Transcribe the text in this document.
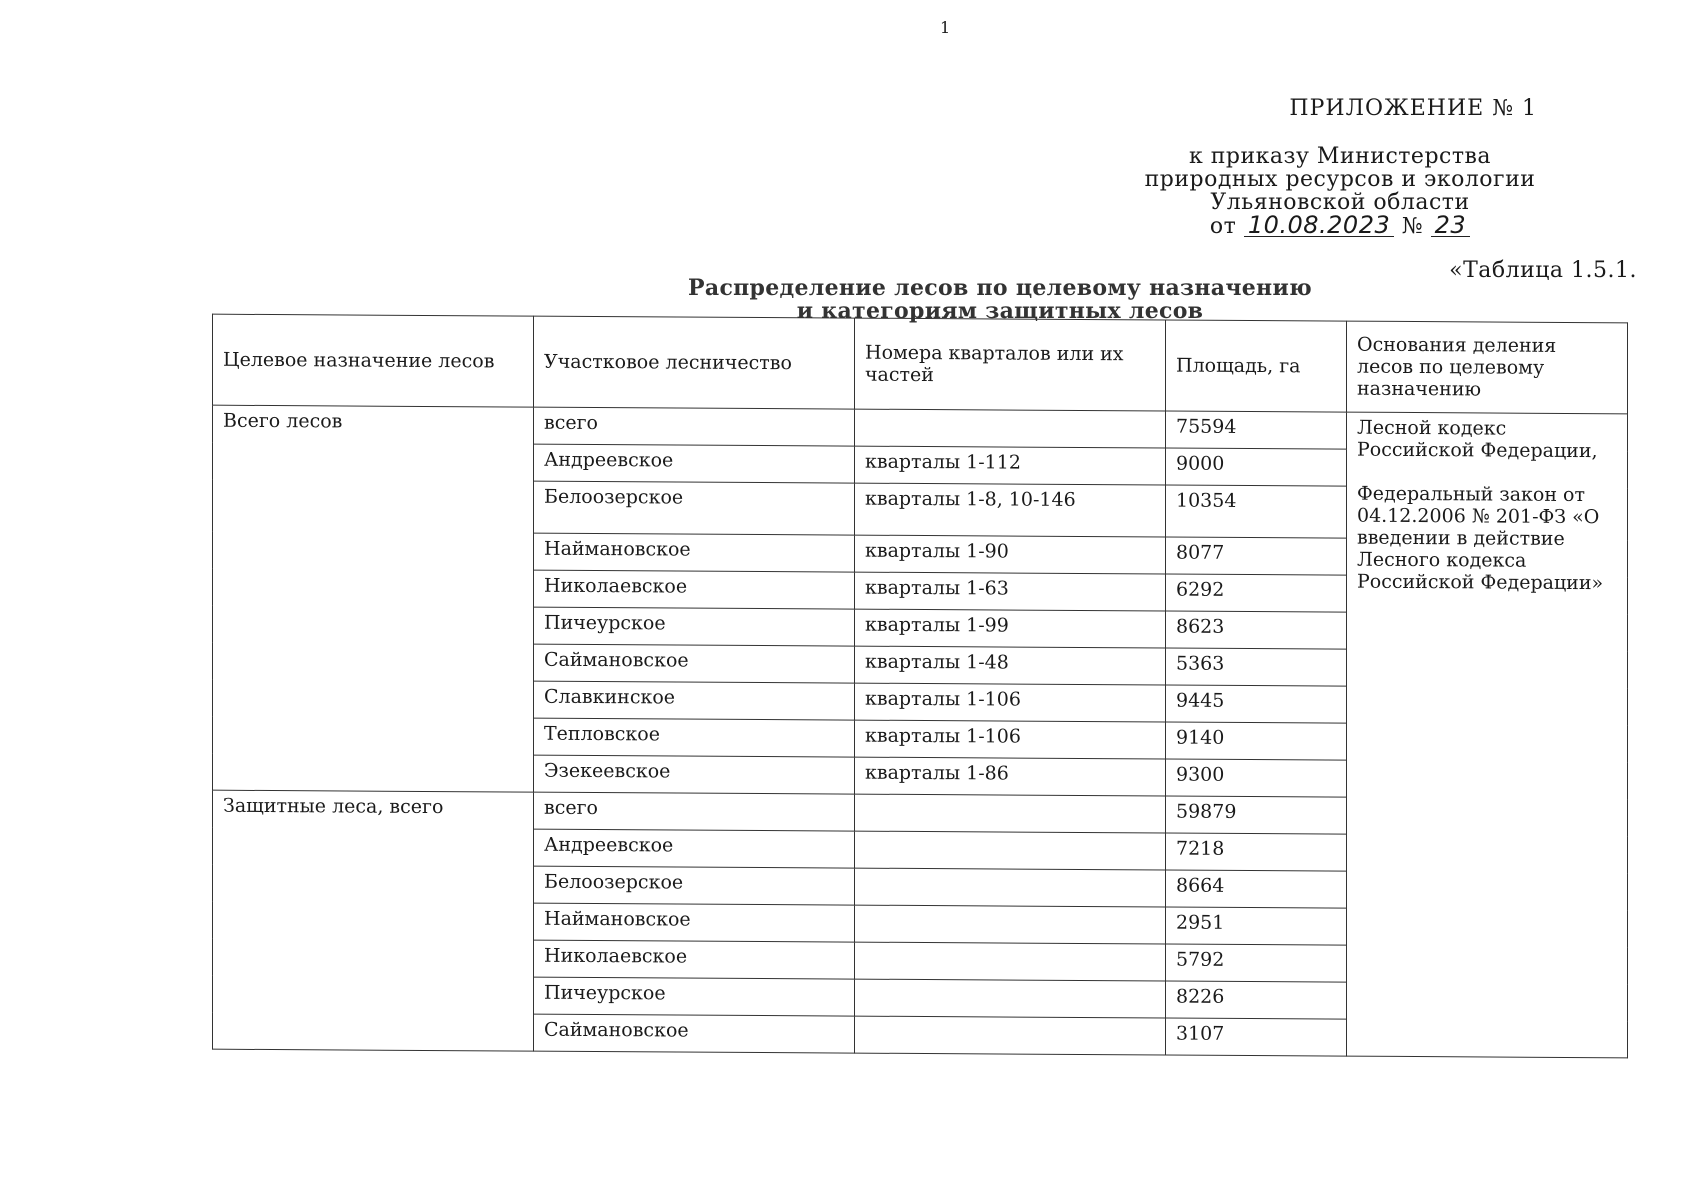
1
ПРИЛОЖЕНИЕ № 1
к приказу Министерства
природных ресурсов и экологии
Ульяновской области
от 10.08.2023 № 23
«Таблица 1.5.1.
Распределение лесов по целевому назначению
и категориям защитных лесов
Целевое назначение лесов	Участковое лесничество	Номера кварталов или их частей	Площадь, га	Основания деления лесов по целевому назначению
Всего лесов	всего		75594	Лесной кодекс Российской Федерации,

Федеральный закон от 04.12.2006 № 201-ФЗ «О введении в действие Лесного кодекса Российской Федерации»

	Андреевское	кварталы 1-112	9000	
	Белоозерское	кварталы 1-8, 10-146	10354	
	Наймановское	кварталы 1-90	8077	
	Николаевское	кварталы 1-63	6292	
	Пичеурское	кварталы 1-99	8623	
	Саймановское	кварталы 1-48	5363	
	Славкинское	кварталы 1-106	9445	
	Тепловское	кварталы 1-106	9140	
	Эзекеевское	кварталы 1-86	9300	
Защитные леса, всего	всего		59879	
	Андреевское		7218	
	Белоозерское		8664	
	Наймановское		2951	
	Николаевское		5792	
	Пичеурское		8226	
	Саймановское		3107	
